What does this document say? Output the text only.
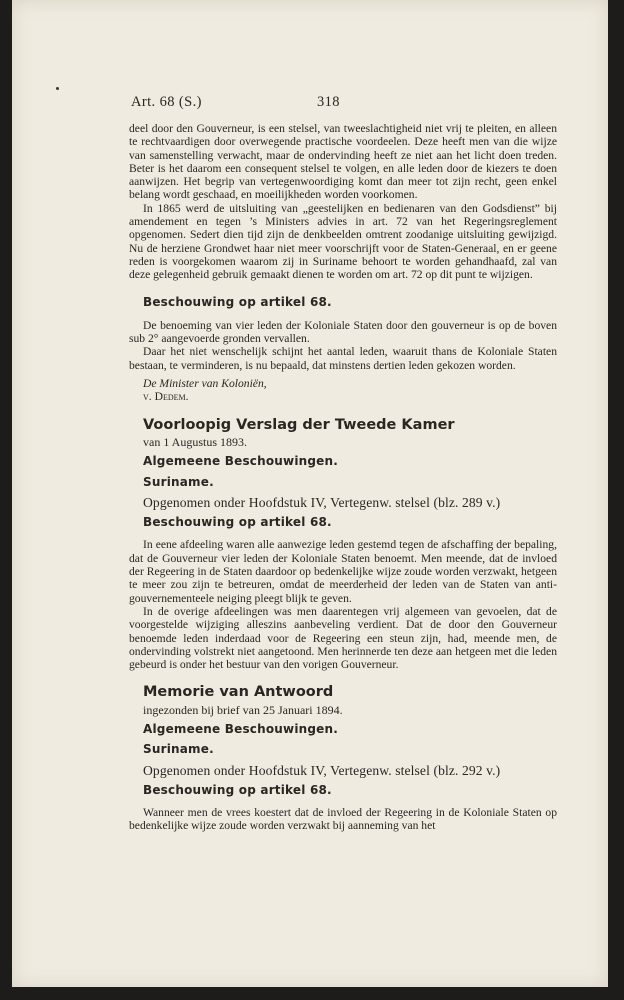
Art. 68 (S.)	318

deel door den Gouverneur, is een stelsel, van tweeslachtigheid niet vrij te pleiten, en alleen te rechtvaardigen door overwegende practische voordeelen. Deze heeft men van die wijze van samenstelling verwacht, maar de ondervinding heeft ze niet aan het licht doen treden. Beter is het daarom een consequent stelsel te volgen, en alle leden door de kiezers te doen aanwijzen. Het begrip van vertegenwoordiging komt dan meer tot zijn recht, geen enkel belang wordt geschaad, en moeilijkheden worden voorkomen.

In 1865 werd de uitsluiting van „geestelijken en bedienaren van den Godsdienst” bij amendement en tegen ’s Ministers advies in art. 72 van het Regeringsreglement opgenomen. Sedert dien tijd zijn de denkbeelden omtrent zoodanige uitsluiting gewijzigd. Nu de herziene Grondwet haar niet meer voorschrijft voor de Staten-Generaal, en er geene reden is voorgekomen waarom zij in Suriname behoort te worden gehandhaafd, zal van deze gelegenheid gebruik gemaakt dienen te worden om art. 72 op dit punt te wijzigen.

Beschouwing op artikel 68.

De benoeming van vier leden der Koloniale Staten door den gouverneur is op de boven sub 2° aangevoerde gronden vervallen.

Daar het niet wenschelijk schijnt het aantal leden, waaruit thans de Koloniale Staten bestaan, te verminderen, is nu bepaald, dat minstens dertien leden gekozen worden.

De Minister van Koloniën,
v. Dedem.

Voorloopig Verslag der Tweede Kamer

van 1 Augustus 1893.

Algemeene Beschouwingen.

Suriname.

Opgenomen onder Hoofdstuk IV, Vertegenw. stelsel (blz. 289 v.)

Beschouwing op artikel 68.

In eene afdeeling waren alle aanwezige leden gestemd tegen de afschaffing der bepaling, dat de Gouverneur vier leden der Koloniale Staten benoemt. Men meende, dat de invloed der Regeering in de Staten daardoor op bedenkelijke wijze zoude worden verzwakt, hetgeen te meer zou zijn te betreuren, omdat de meerderheid der leden van de Staten van anti-gouvernementeele neiging pleegt blijk te geven.

In de overige afdeelingen was men daarentegen vrij algemeen van gevoelen, dat de voorgestelde wijziging alleszins aanbeveling verdient. Dat de door den Gouverneur benoemde leden inderdaad voor de Regeering een steun zijn, had, meende men, de ondervinding volstrekt niet aangetoond. Men herinnerde ten deze aan hetgeen met die leden gebeurd is onder het bestuur van den vorigen Gouverneur.

Memorie van Antwoord

ingezonden bij brief van 25 Januari 1894.

Algemeene Beschouwingen.

Suriname.

Opgenomen onder Hoofdstuk IV, Vertegenw. stelsel (blz. 292 v.)

Beschouwing op artikel 68.

Wanneer men de vrees koestert dat de invloed der Regeering in de Koloniale Staten op bedenkelijke wijze zoude worden verzwakt bij aanneming van het
